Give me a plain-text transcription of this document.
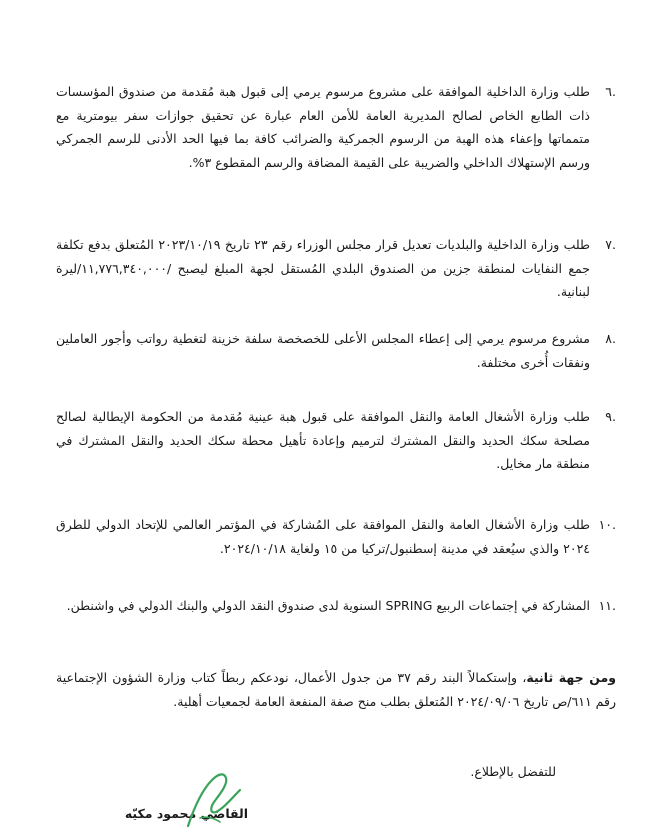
.٦
طلب وزارة الداخلية الموافقة على مشروع مرسوم يرمي إلى قبول هبة مُقدمة من صندوق المؤسسات ذات الطابع الخاص لصالح المديرية العامة للأمن العام عبارة عن تحقيق جوازات سفر بيومترية مع متمماتها وإعفاء هذه الهبة من الرسوم الجمركية والضرائب كافة بما فيها الحد الأدنى للرسم الجمركي ورسم الإستهلاك الداخلي والضريبة على القيمة المضافة والرسم المقطوع ٣%.
.٧
طلب وزارة الداخلية والبلديات تعديل قرار مجلس الوزراء رقم ٢٣ تاريخ ٢٠٢٣/١٠/١٩ المُتعلق بدفع تكلفة جمع النفايات لمنطقة جزين من الصندوق البلدي المُستقل لجهة المبلغ ليصبح /١١,٧٧٦,٣٤٠,٠٠٠/ليرة لبنانية.
.٨
مشروع مرسوم يرمي إلى إعطاء المجلس الأعلى للخصخصة سلفة خزينة لتغطية رواتب وأجور العاملين ونفقات أُخرى مختلفة.
.٩
طلب وزارة الأشغال العامة والنقل الموافقة على قبول هبة عينية مُقدمة من الحكومة الإيطالية لصالح مصلحة سكك الحديد والنقل المشترك لترميم وإعادة تأهيل محطة سكك الحديد والنقل المشترك في منطقة مار مخايل.
.١٠
طلب وزارة الأشغال العامة والنقل الموافقة على المُشاركة في المؤتمر العالمي للإتحاد الدولي للطرق ٢٠٢٤ والذي سيُعقد في مدينة إسطنبول/تركيا من ١٥ ولغاية ٢٠٢٤/١٠/١٨.
.١١
المشاركة في إجتماعات الربيع SPRING السنوية لدى صندوق النقد الدولي والبنك الدولي في واشنطن.
ومن جهة ثانية، وإستكمالاً البند رقم ٣٧ من جدول الأعمال، نودعكم ربطاً كتاب وزارة الشؤون الإجتماعية رقم ٦١١/ص تاريخ ٢٠٢٤/٠٩/٠٦ المُتعلق بطلب منح صفة المنفعة العامة لجمعيات أهلية.
للتفضل بالإطلاع.
القاضي محمود مكيّه
